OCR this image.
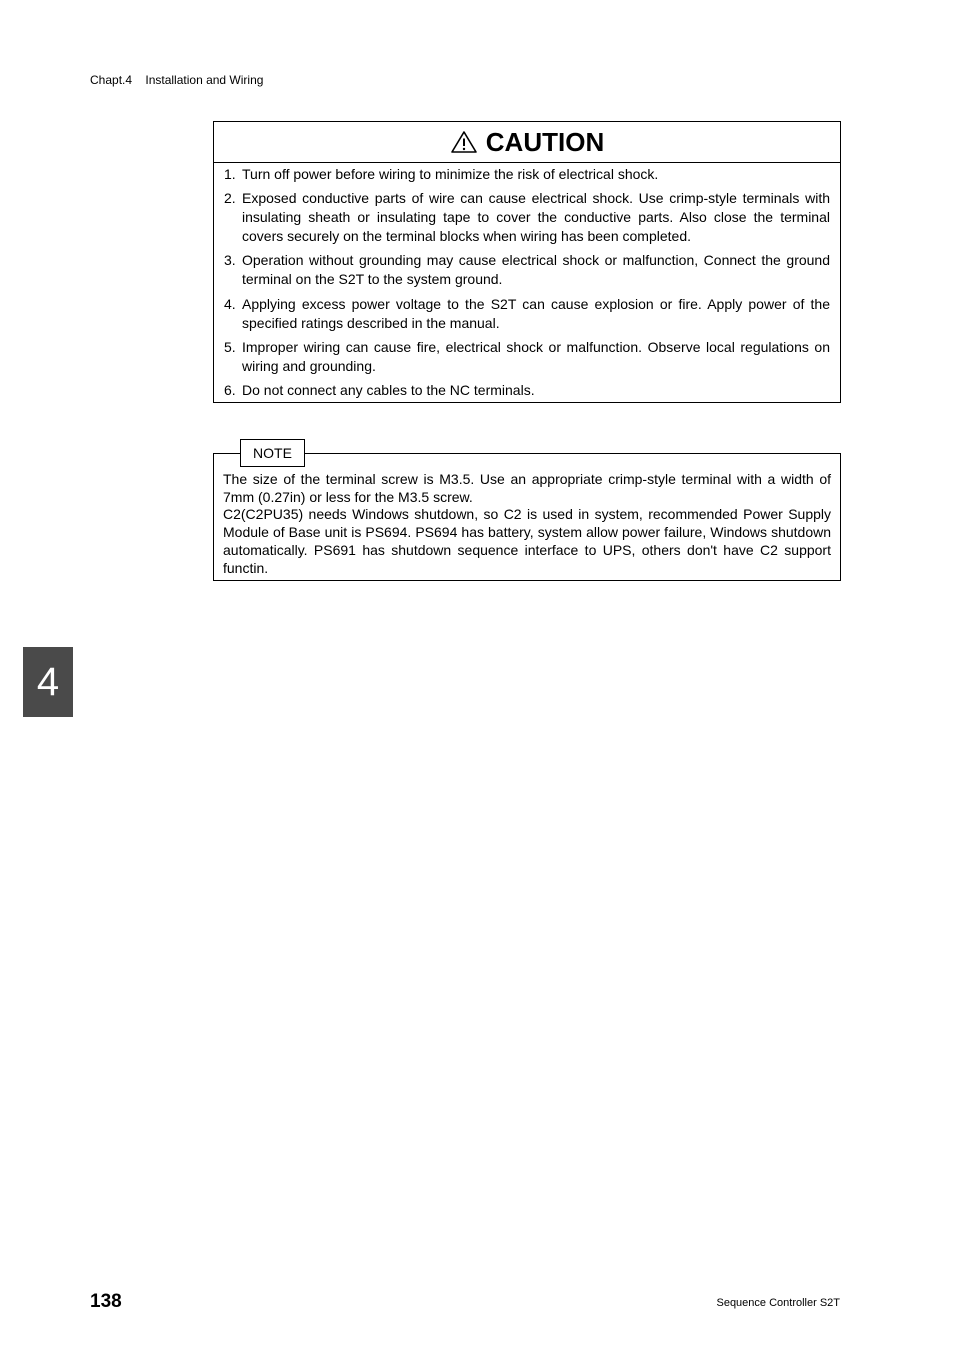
Chapt.4 Installation and Wiring
CAUTION
1. Turn off power before wiring to minimize the risk of electrical shock.
2. Exposed conductive parts of wire can cause electrical shock. Use crimp-style terminals with insulating sheath or insulating tape to cover the conductive parts. Also close the terminal covers securely on the terminal blocks when wiring has been completed.
3. Operation without grounding may cause electrical shock or malfunction, Connect the ground terminal on the S2T to the system ground.
4. Applying excess power voltage to the S2T can cause explosion or fire. Apply power of the specified ratings described in the manual.
5. Improper wiring can cause fire, electrical shock or malfunction. Observe local regulations on wiring and grounding.
6. Do not connect any cables to the NC terminals.

The size of the terminal screw is M3.5. Use an appropriate crimp-style terminal with a width of 7mm (0.27in) or less for the M3.5 screw.

C2(C2PU35) needs Windows shutdown, so C2 is used in system, recommended Power Supply Module of Base unit is PS694. PS694 has battery, system allow power failure, Windows shutdown automatically. PS691 has shutdown sequence interface to UPS, others don't have C2 support functin.

NOTE
4
138	Sequence Controller S2T
